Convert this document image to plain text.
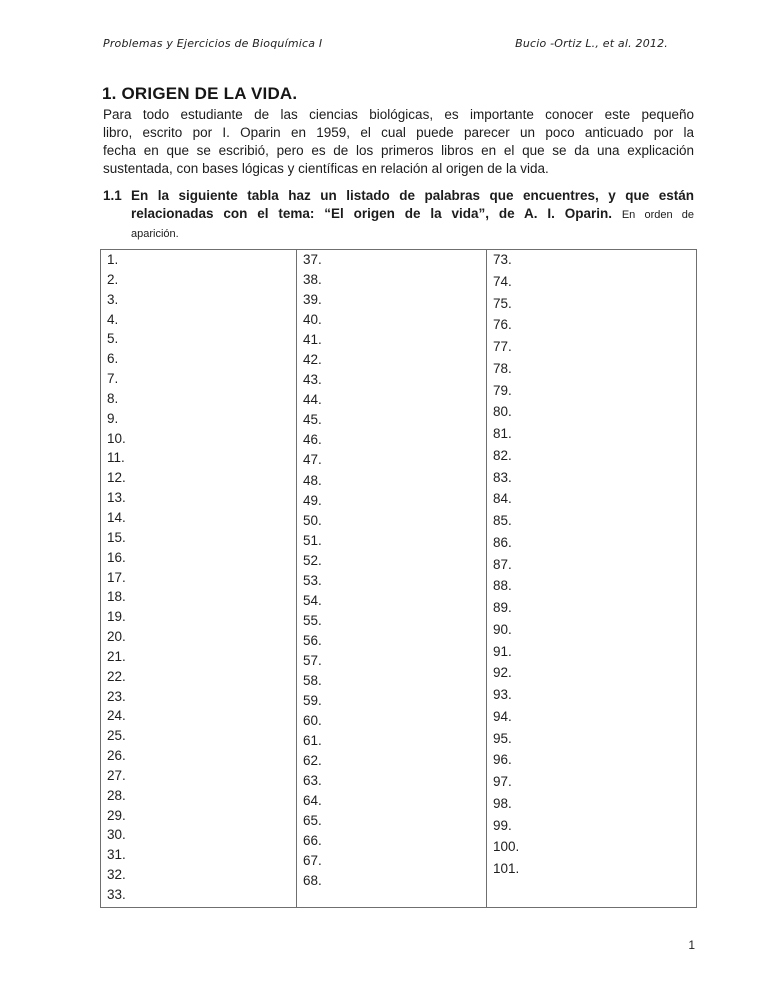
Problemas y Ejercicios de Bioquímica I	Bucio -Ortiz L., et al. 2012.
1. ORIGEN DE LA VIDA.
Para todo estudiante de las ciencias biológicas, es importante conocer este pequeño
libro, escrito por I. Oparin en 1959, el cual puede parecer un poco anticuado por la
fecha en que se escribió, pero es de los primeros libros en el que se da una explicación
sustentada, con bases lógicas y científicas en relación al origen de la vida.
1.1 En la siguiente tabla haz un listado de palabras que encuentres, y que están
relacionadas con el tema: “El origen de la vida”, de A. I. Oparin. En orden de
aparición.
1.
2.
3.
4.
5.
6.
7.
8.
9.
10.
11.
12.
13.
14.
15.
16.
17.
18.
19.
20.
21.
22.
23.
24.
25.
26.
27.
28.
29.
30.
31.
32.
33.
37.
38.
39.
40.
41.
42.
43.
44.
45.
46.
47.
48.
49.
50.
51.
52.
53.
54.
55.
56.
57.
58.
59.
60.
61.
62.
63.
64.
65.
66.
67.
68.
73.
74.
75.
76.
77.
78.
79.
80.
81.
82.
83.
84.
85.
86.
87.
88.
89.
90.
91.
92.
93.
94.
95.
96.
97.
98.
99.
100.
101.
1
